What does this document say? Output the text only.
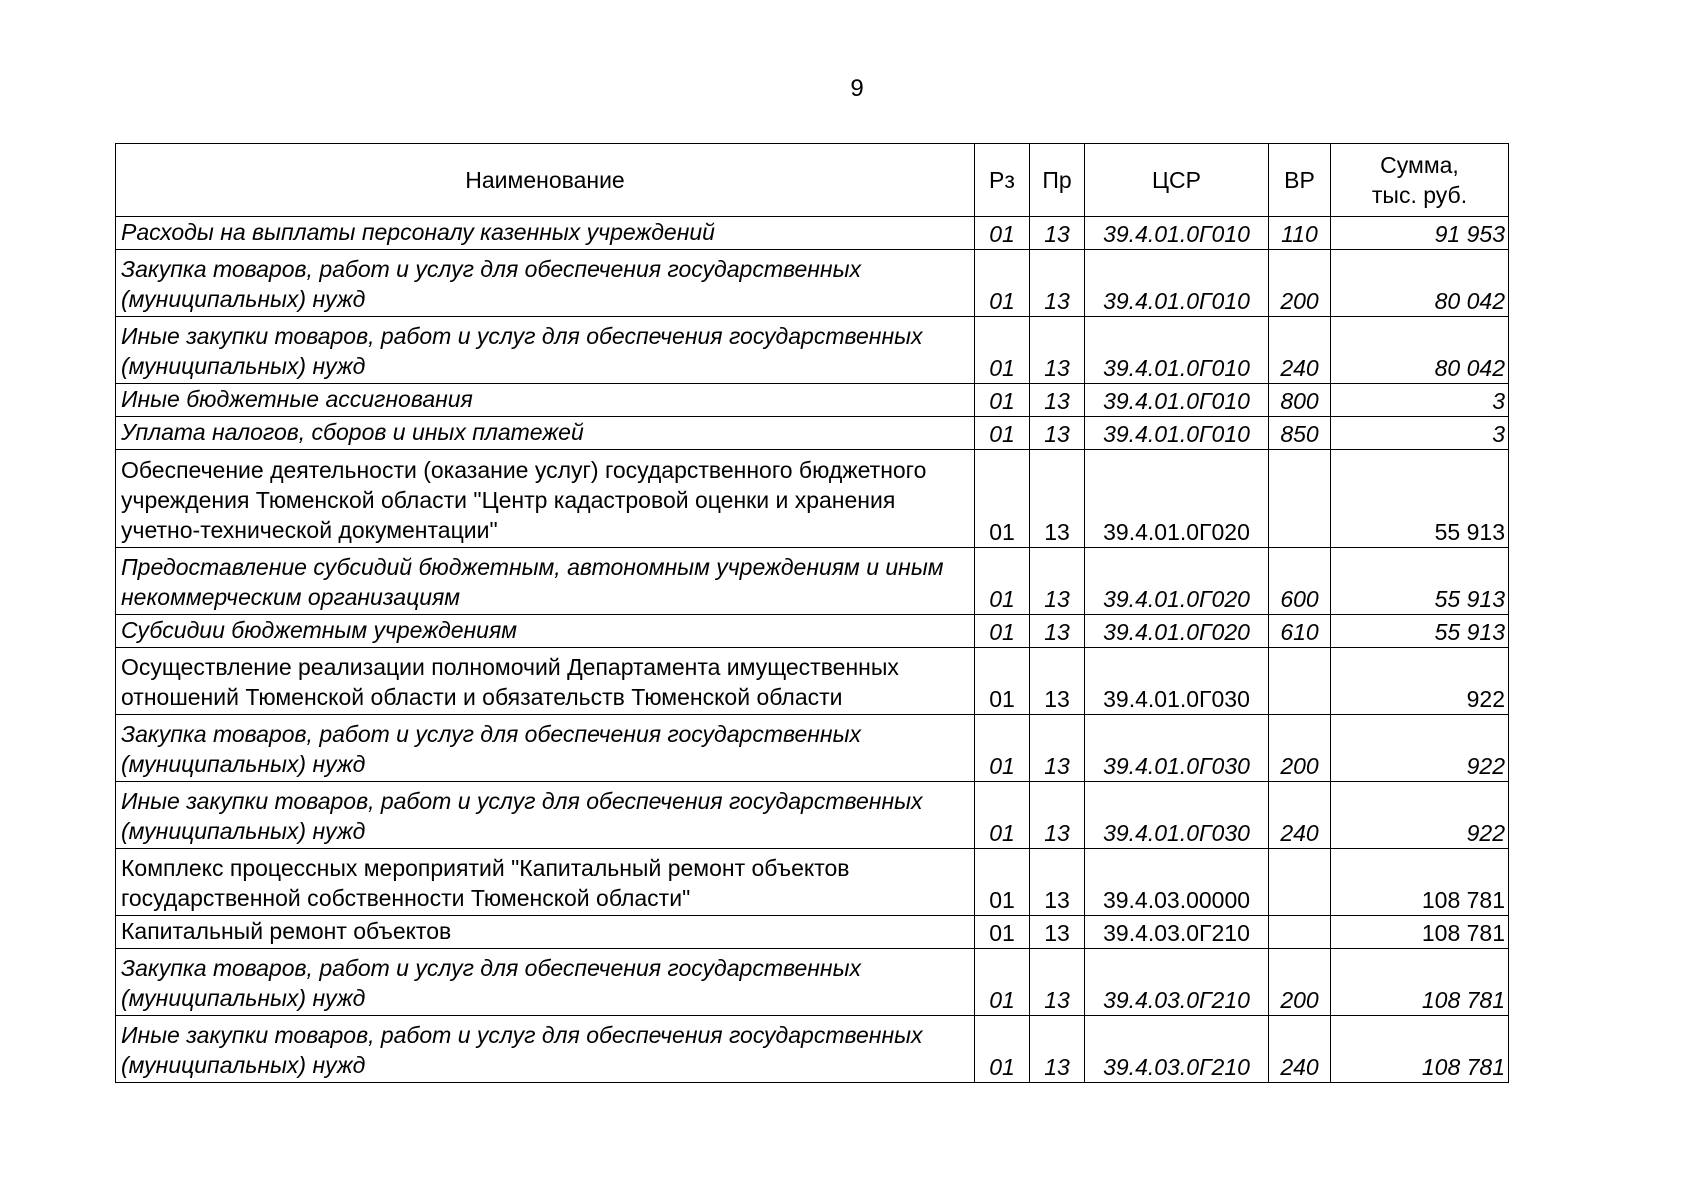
9
Наименование	Рз	Пр	ЦСР	ВР	Сумма,
тыс. руб.

Расходы на выплаты персоналу казенных учреждений	01	13	39.4.01.0Г010	110	91 953

Закупка товаров, работ и услуг для обеспечения государственных (муниципальных) нужд	01	13	39.4.01.0Г010	200	80 042

Иные закупки товаров, работ и услуг для обеспечения государственных (муниципальных) нужд	01	13	39.4.01.0Г010	240	80 042

Иные бюджетные ассигнования	01	13	39.4.01.0Г010	800	3

Уплата налогов, сборов и иных платежей	01	13	39.4.01.0Г010	850	3

Обеспечение деятельности (оказание услуг) государственного бюджетного учреждения Тюменской области "Центр кадастровой оценки и хранения учетно-технической документации"	01	13	39.4.01.0Г020		55 913

Предоставление субсидий бюджетным, автономным учреждениям и иным некоммерческим организациям	01	13	39.4.01.0Г020	600	55 913

Субсидии бюджетным учреждениям	01	13	39.4.01.0Г020	610	55 913

Осуществление реализации полномочий Департамента имущественных отношений Тюменской области и обязательств Тюменской области	01	13	39.4.01.0Г030		922

Закупка товаров, работ и услуг для обеспечения государственных (муниципальных) нужд	01	13	39.4.01.0Г030	200	922

Иные закупки товаров, работ и услуг для обеспечения государственных (муниципальных) нужд	01	13	39.4.01.0Г030	240	922

Комплекс процессных мероприятий "Капитальный ремонт объектов государственной собственности Тюменской области"	01	13	39.4.03.00000		108 781

Капитальный ремонт объектов	01	13	39.4.03.0Г210		108 781

Закупка товаров, работ и услуг для обеспечения государственных (муниципальных) нужд	01	13	39.4.03.0Г210	200	108 781

Иные закупки товаров, работ и услуг для обеспечения государственных (муниципальных) нужд	01	13	39.4.03.0Г210	240	108 781
